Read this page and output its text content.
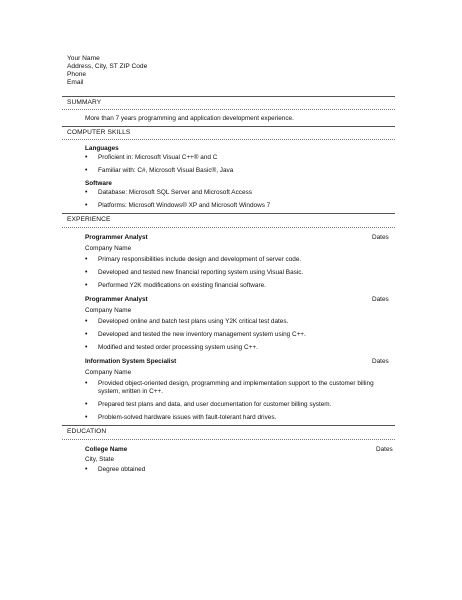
Your Name
Address, City, ST ZIP Code
Phone
Email
SUMMARY
More than 7 years programming and application development experience.
COMPUTER SKILLS
Languages
• Proficient in: Microsoft Visual C++® and C
• Familiar with: C#, Microsoft Visual Basic®, Java
Software
• Database: Microsoft SQL Server and Microsoft Access
• Platforms: Microsoft Windows® XP and Microsoft Windows 7
EXPERIENCE
Programmer Analyst	Dates
Company Name
• Primary responsibilities include design and development of server code.
• Developed and tested new financial reporting system using Visual Basic.
• Performed Y2K modifications on existing financial software.
Programmer Analyst	Dates
Company Name
• Developed online and batch test plans using Y2K critical test dates.
• Developed and tested the new inventory management system using C++.
• Modified and tested order processing system using C++.
Information System Specialist	Dates
Company Name
• Provided object-oriented design, programming and implementation support to the customer billing system, written in C++.
• Prepared test plans and data, and user documentation for customer billing system.
• Problem-solved hardware issues with fault-tolerant hard drives.
EDUCATION
College Name	Dates
City, State
• Degree obtained
